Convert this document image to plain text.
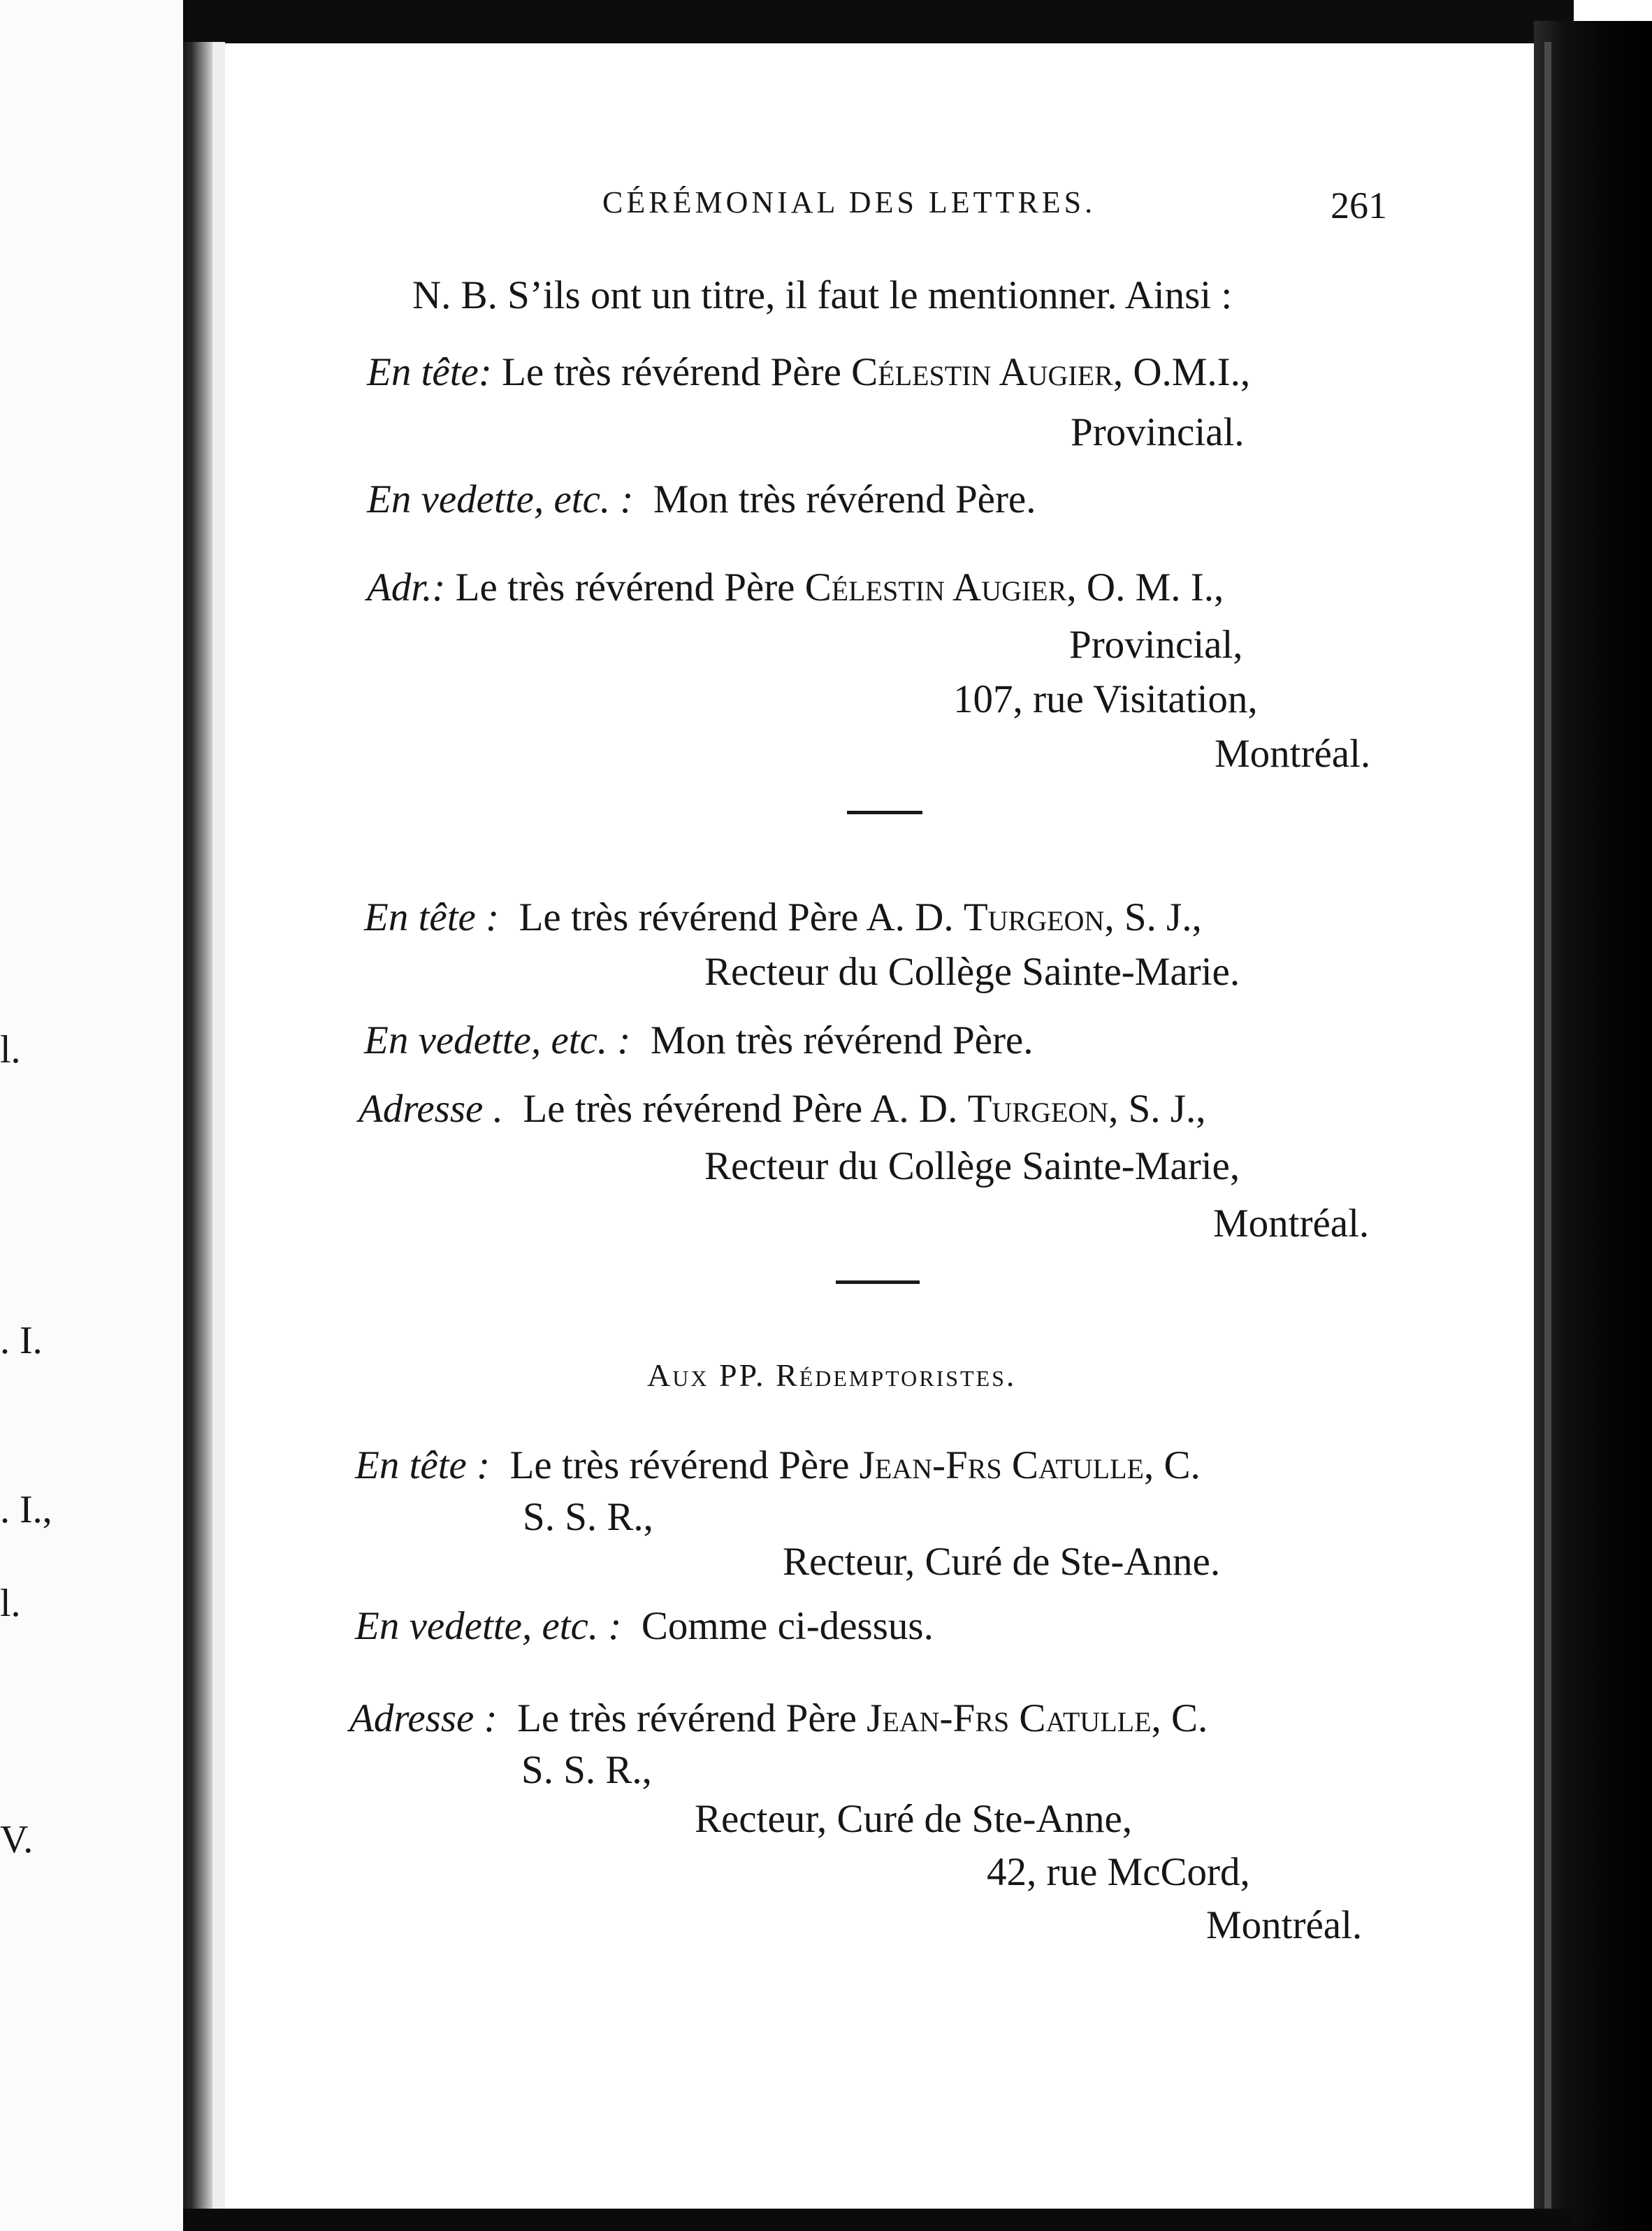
l.
. I.
. I.,
l.
V.
CÉRÉMONIAL DES LETTRES.	261
N. B. S’ils ont un titre, il faut le mentionner. Ainsi :
En tête: Le très révérend Père Célestin Augier, O.M.I.,
Provincial.
En vedette, etc. : Mon très révérend Père.
Adr.: Le très révérend Père Célestin Augier, O. M. I.,
Provincial,
107, rue Visitation,
Montréal.
En tête : Le très révérend Père A. D. Turgeon, S. J.,
Recteur du Collège Sainte-Marie.
En vedette, etc. : Mon très révérend Père.
Adresse . Le très révérend Père A. D. Turgeon, S. J.,
Recteur du Collège Sainte-Marie,
Montréal.
Aux PP. Rédemptoristes.
En tête : Le très révérend Père Jean-Frs Catulle, C.
S. S. R.,
Recteur, Curé de Ste-Anne.
En vedette, etc. : Comme ci-dessus.
Adresse : Le très révérend Père Jean-Frs Catulle, C.
S. S. R.,
Recteur, Curé de Ste-Anne,
42, rue McCord,
Montréal.
